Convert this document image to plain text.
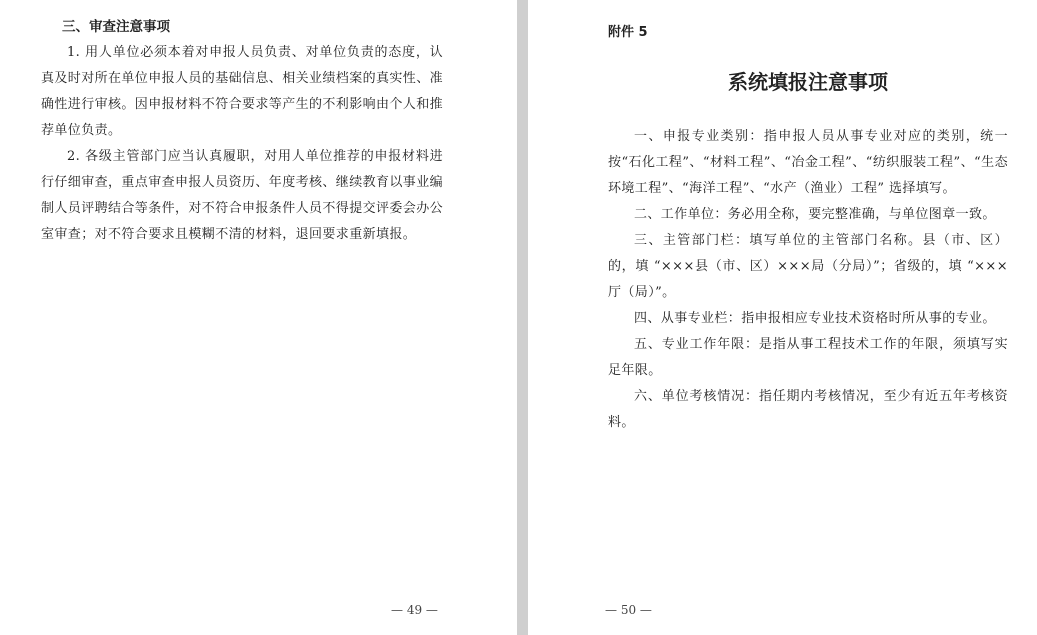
三、审查注意事项

1. 用人单位必须本着对申报人员负责、对单位负责的态度，认真及时对所在单位申报人员的基础信息、相关业绩档案的真实性、准确性进行审核。因申报材料不符合要求等产生的不利影响由个人和推荐单位负责。

2. 各级主管部门应当认真履职，对用人单位推荐的申报材料进行仔细审查，重点审查申报人员资历、年度考核、继续教育以事业编制人员评聘结合等条件，对不符合申报条件人员不得提交评委会办公室审查；对不符合要求且模糊不清的材料，退回要求重新填报。

— 49 —
附件 5
系统填报注意事项

一、申报专业类别：指申报人员从事专业对应的类别，统一按“石化工程”、“材料工程”、“冶金工程”、“纺织服装工程”、“生态环境工程”、“海洋工程”、“水产（渔业）工程” 选择填写。

二、工作单位：务必用全称，要完整准确，与单位图章一致。

三、主管部门栏：填写单位的主管部门名称。县（市、区）的，填 “×××县（市、区）×××局（分局）”；省级的，填 “×××厅（局）”。

四、从事专业栏：指申报相应专业技术资格时所从事的专业。

五、专业工作年限：是指从事工程技术工作的年限，须填写实足年限。

六、单位考核情况：指任期内考核情况，至少有近五年考核资料。

— 50 —
